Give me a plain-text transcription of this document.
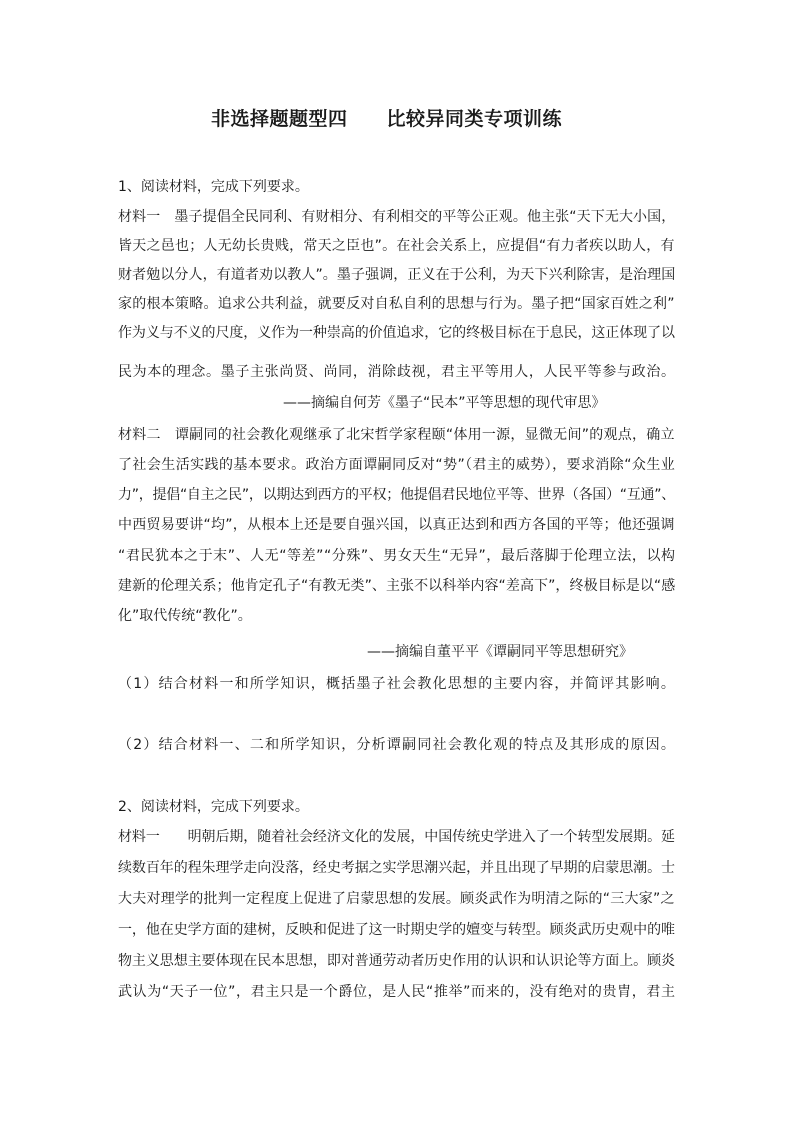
非选择题题型四　　比较异同类专项训练
1、阅读材料，完成下列要求。
材料一　墨子提倡全民同利、有财相分、有利相交的平等公正观。他主张“天下无大小国，
皆天之邑也；人无幼长贵贱，常天之臣也”。在社会关系上，应提倡“有力者疾以助人，有
财者勉以分人，有道者劝以教人”。墨子强调，正义在于公利，为天下兴利除害，是治理国
家的根本策略。追求公共利益，就要反对自私自利的思想与行为。墨子把“国家百姓之利”
作为义与不义的尺度，义作为一种崇高的价值追求，它的终极目标在于息民，这正体现了以
民为本的理念。墨子主张尚贤、尚同，消除歧视，君主平等用人，人民平等参与政治。
——摘编自何芳《墨子“民本”平等思想的现代审思》
材料二　谭嗣同的社会教化观继承了北宋哲学家程颐“体用一源，显微无间”的观点，确立
了社会生活实践的基本要求。政治方面谭嗣同反对“势”（君主的威势），要求消除“众生业
力”，提倡“自主之民”，以期达到西方的平权；他提倡君民地位平等、世界（各国）“互通”、
中西贸易要讲“均”，从根本上还是要自强兴国，以真正达到和西方各国的平等；他还强调
“君民犹本之于末”、人无“等差”“分殊”、男女天生“无异”，最后落脚于伦理立法，以构
建新的伦理关系；他肯定孔子“有教无类”、主张不以科举内容“差高下”，终极目标是以“感
化”取代传统“教化”。
——摘编自董平平《谭嗣同平等思想研究》
（1）结合材料一和所学知识，概括墨子社会教化思想的主要内容，并简评其影响。
（2）结合材料一、二和所学知识，分析谭嗣同社会教化观的特点及其形成的原因。
2、阅读材料，完成下列要求。
材料一　　明朝后期，随着社会经济文化的发展，中国传统史学进入了一个转型发展期。延
续数百年的程朱理学走向没落，经史考据之实学思潮兴起，并且出现了早期的启蒙思潮。士
大夫对理学的批判一定程度上促进了启蒙思想的发展。顾炎武作为明清之际的“三大家”之
一，他在史学方面的建树，反映和促进了这一时期史学的嬗变与转型。顾炎武历史观中的唯
物主义思想主要体现在民本思想，即对普通劳动者历史作用的认识和认识论等方面上。顾炎
武认为“天子一位”，君主只是一个爵位，是人民“推举”而来的，没有绝对的贵胄，君主
